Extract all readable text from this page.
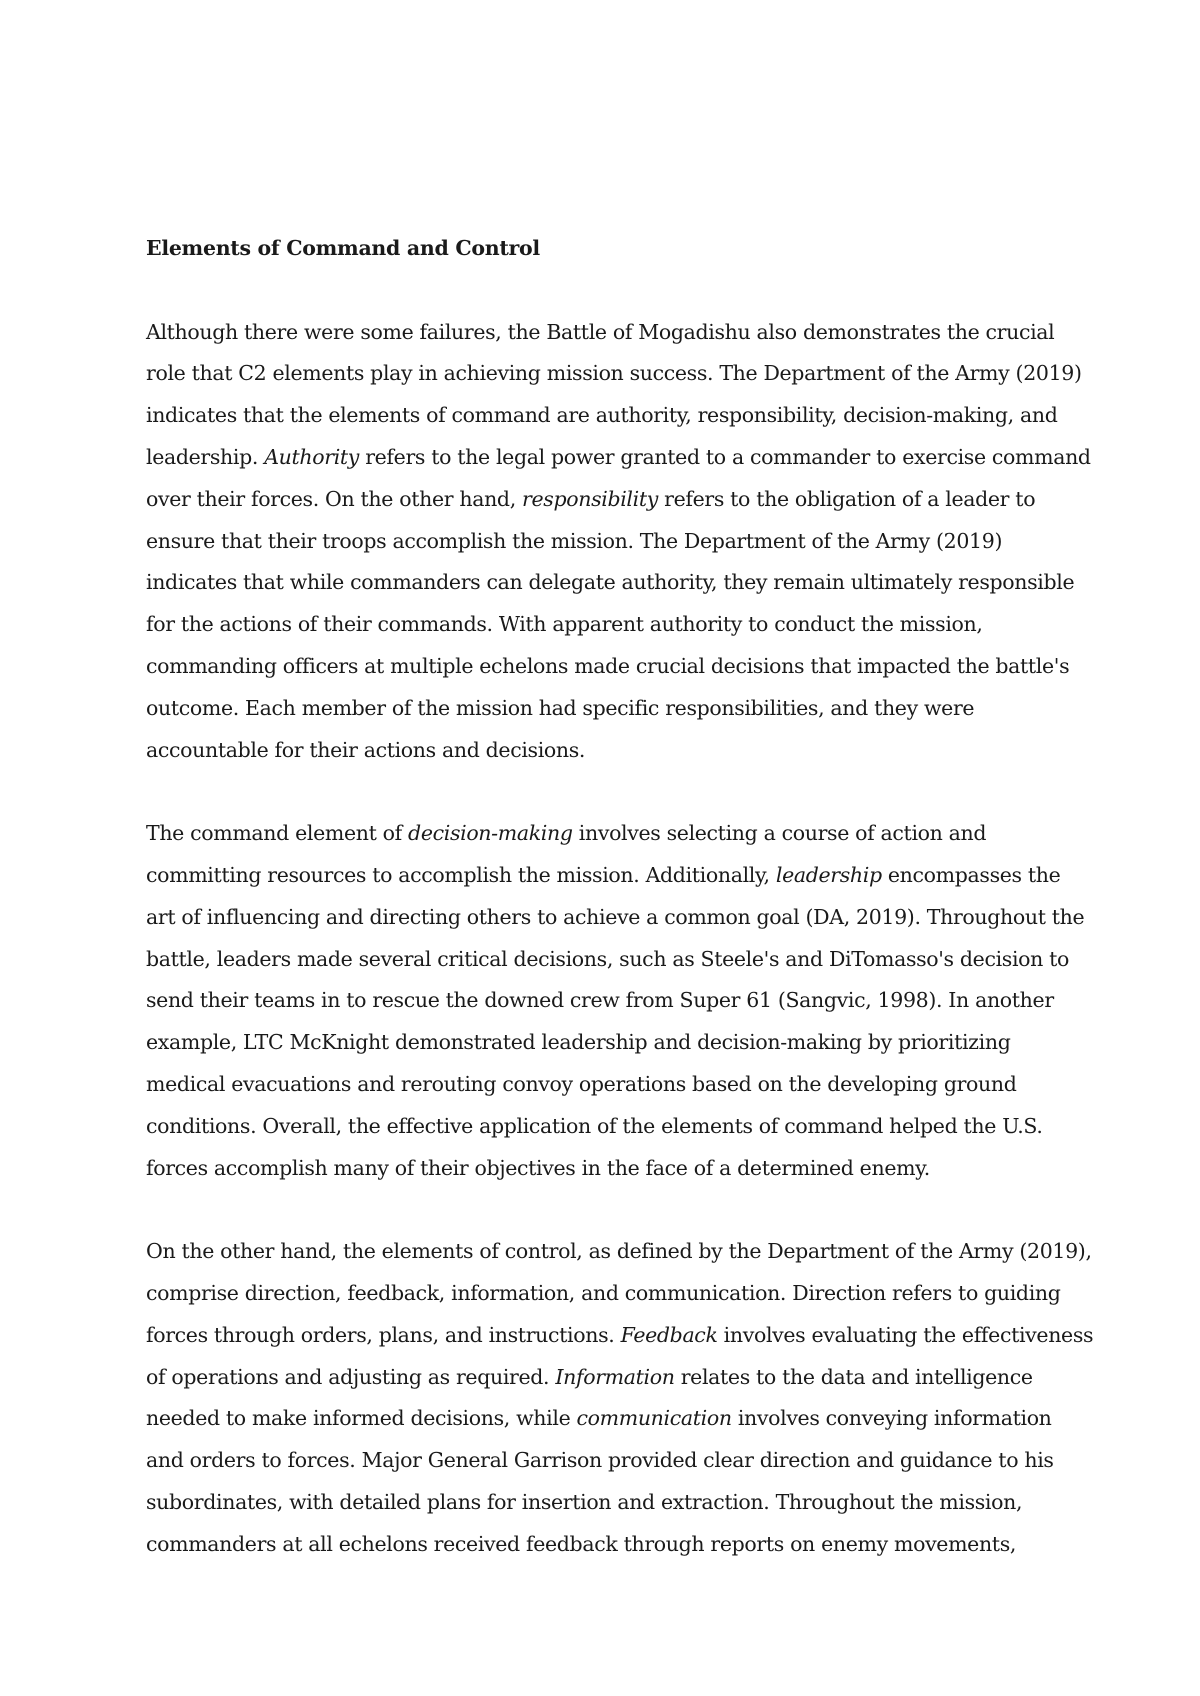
Elements of Command and Control
Although there were some failures, the Battle of Mogadishu also demonstrates the crucial
role that C2 elements play in achieving mission success. The Department of the Army (2019)
indicates that the elements of command are authority, responsibility, decision-making, and
leadership. Authority refers to the legal power granted to a commander to exercise command
over their forces. On the other hand, responsibility refers to the obligation of a leader to
ensure that their troops accomplish the mission. The Department of the Army (2019)
indicates that while commanders can delegate authority, they remain ultimately responsible
for the actions of their commands. With apparent authority to conduct the mission,
commanding officers at multiple echelons made crucial decisions that impacted the battle's
outcome. Each member of the mission had specific responsibilities, and they were
accountable for their actions and decisions.
The command element of decision-making involves selecting a course of action and
committing resources to accomplish the mission. Additionally, leadership encompasses the
art of influencing and directing others to achieve a common goal (DA, 2019). Throughout the
battle, leaders made several critical decisions, such as Steele's and DiTomasso's decision to
send their teams in to rescue the downed crew from Super 61 (Sangvic, 1998). In another
example, LTC McKnight demonstrated leadership and decision-making by prioritizing
medical evacuations and rerouting convoy operations based on the developing ground
conditions. Overall, the effective application of the elements of command helped the U.S.
forces accomplish many of their objectives in the face of a determined enemy.
On the other hand, the elements of control, as defined by the Department of the Army (2019),
comprise direction, feedback, information, and communication. Direction refers to guiding
forces through orders, plans, and instructions. Feedback involves evaluating the effectiveness
of operations and adjusting as required. Information relates to the data and intelligence
needed to make informed decisions, while communication involves conveying information
and orders to forces. Major General Garrison provided clear direction and guidance to his
subordinates, with detailed plans for insertion and extraction. Throughout the mission,
commanders at all echelons received feedback through reports on enemy movements,
